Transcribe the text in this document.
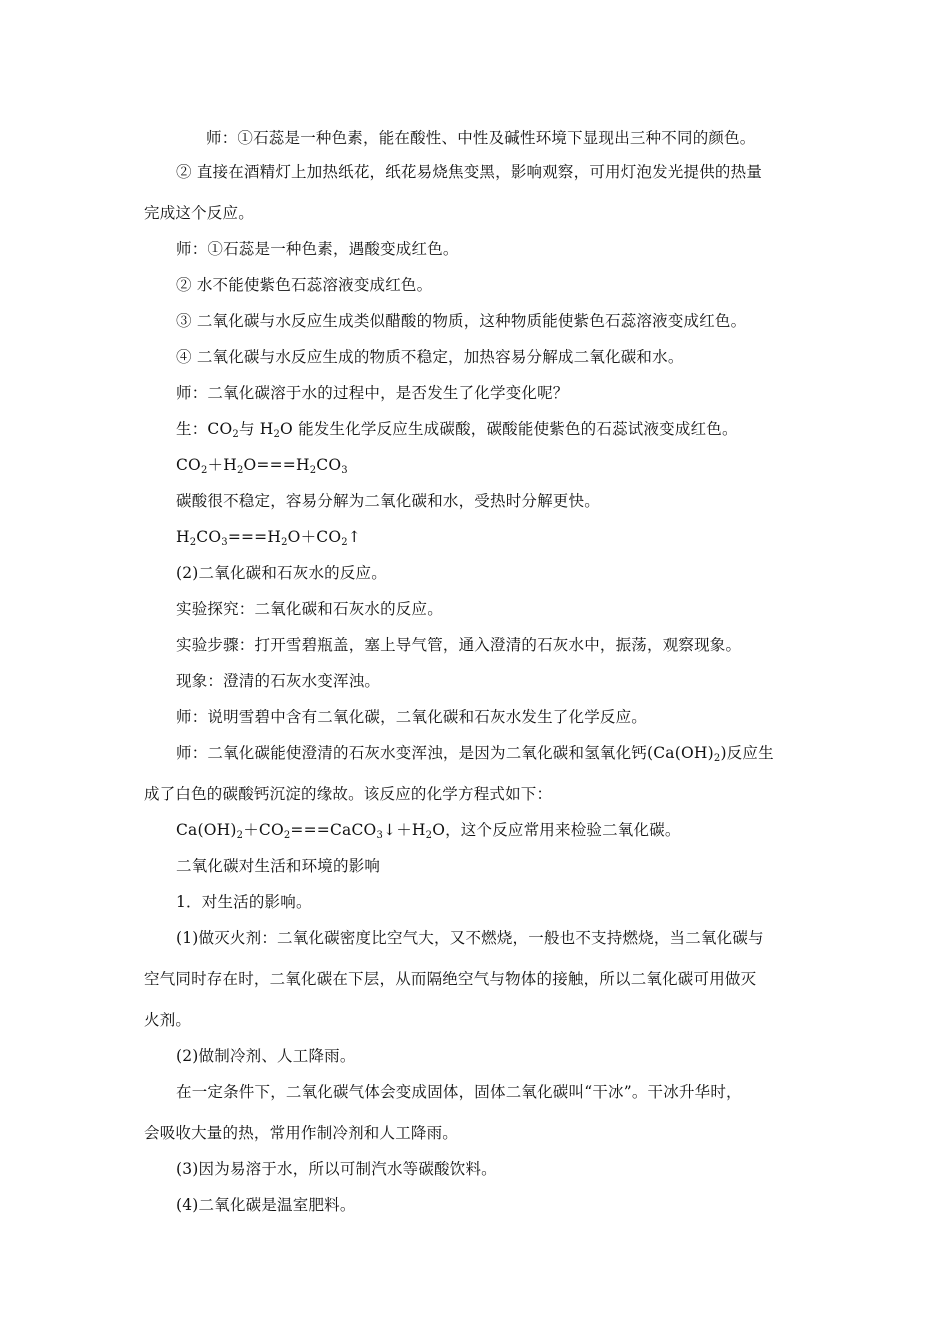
师：①石蕊是一种色素，能在酸性、中性及碱性环境下显现出三种不同的颜色。
② 直接在酒精灯上加热纸花，纸花易烧焦变黑，影响观察，可用灯泡发光提供的热量
完成这个反应。
师：①石蕊是一种色素，遇酸变成红色。
② 水不能使紫色石蕊溶液变成红色。
③ 二氧化碳与水反应生成类似醋酸的物质，这种物质能使紫色石蕊溶液变成红色。
④ 二氧化碳与水反应生成的物质不稳定，加热容易分解成二氧化碳和水。
师：二氧化碳溶于水的过程中，是否发生了化学变化呢？
生：$CO_2$与 $H_2O$ 能发生化学反应生成碳酸，碳酸能使紫色的石蕊试液变成红色。
$CO_2+H_2O===H_2CO_3$
碳酸很不稳定，容易分解为二氧化碳和水，受热时分解更快。
$H_2CO_3===H_2O+CO_2↑$
(2)二氧化碳和石灰水的反应。
实验探究：二氧化碳和石灰水的反应。
实验步骤：打开雪碧瓶盖，塞上导气管，通入澄清的石灰水中，振荡，观察现象。
现象：澄清的石灰水变浑浊。
师：说明雪碧中含有二氧化碳，二氧化碳和石灰水发生了化学反应。
师：二氧化碳能使澄清的石灰水变浑浊，是因为二氧化碳和氢氧化钙$(Ca(OH)_2)$反应生
成了白色的碳酸钙沉淀的缘故。该反应的化学方程式如下：
$Ca(OH)_2+CO_2===CaCO_3↓+H_2O$，这个反应常用来检验二氧化碳。
二氧化碳对生活和环境的影响
1．对生活的影响。
(1)做灭火剂：二氧化碳密度比空气大，又不燃烧，一般也不支持燃烧，当二氧化碳与
空气同时存在时，二氧化碳在下层，从而隔绝空气与物体的接触，所以二氧化碳可用做灭
火剂。
(2)做制冷剂、人工降雨。
在一定条件下，二氧化碳气体会变成固体，固体二氧化碳叫“干冰”。干冰升华时，
会吸收大量的热，常用作制冷剂和人工降雨。
(3)因为易溶于水，所以可制汽水等碳酸饮料。
(4)二氧化碳是温室肥料。
